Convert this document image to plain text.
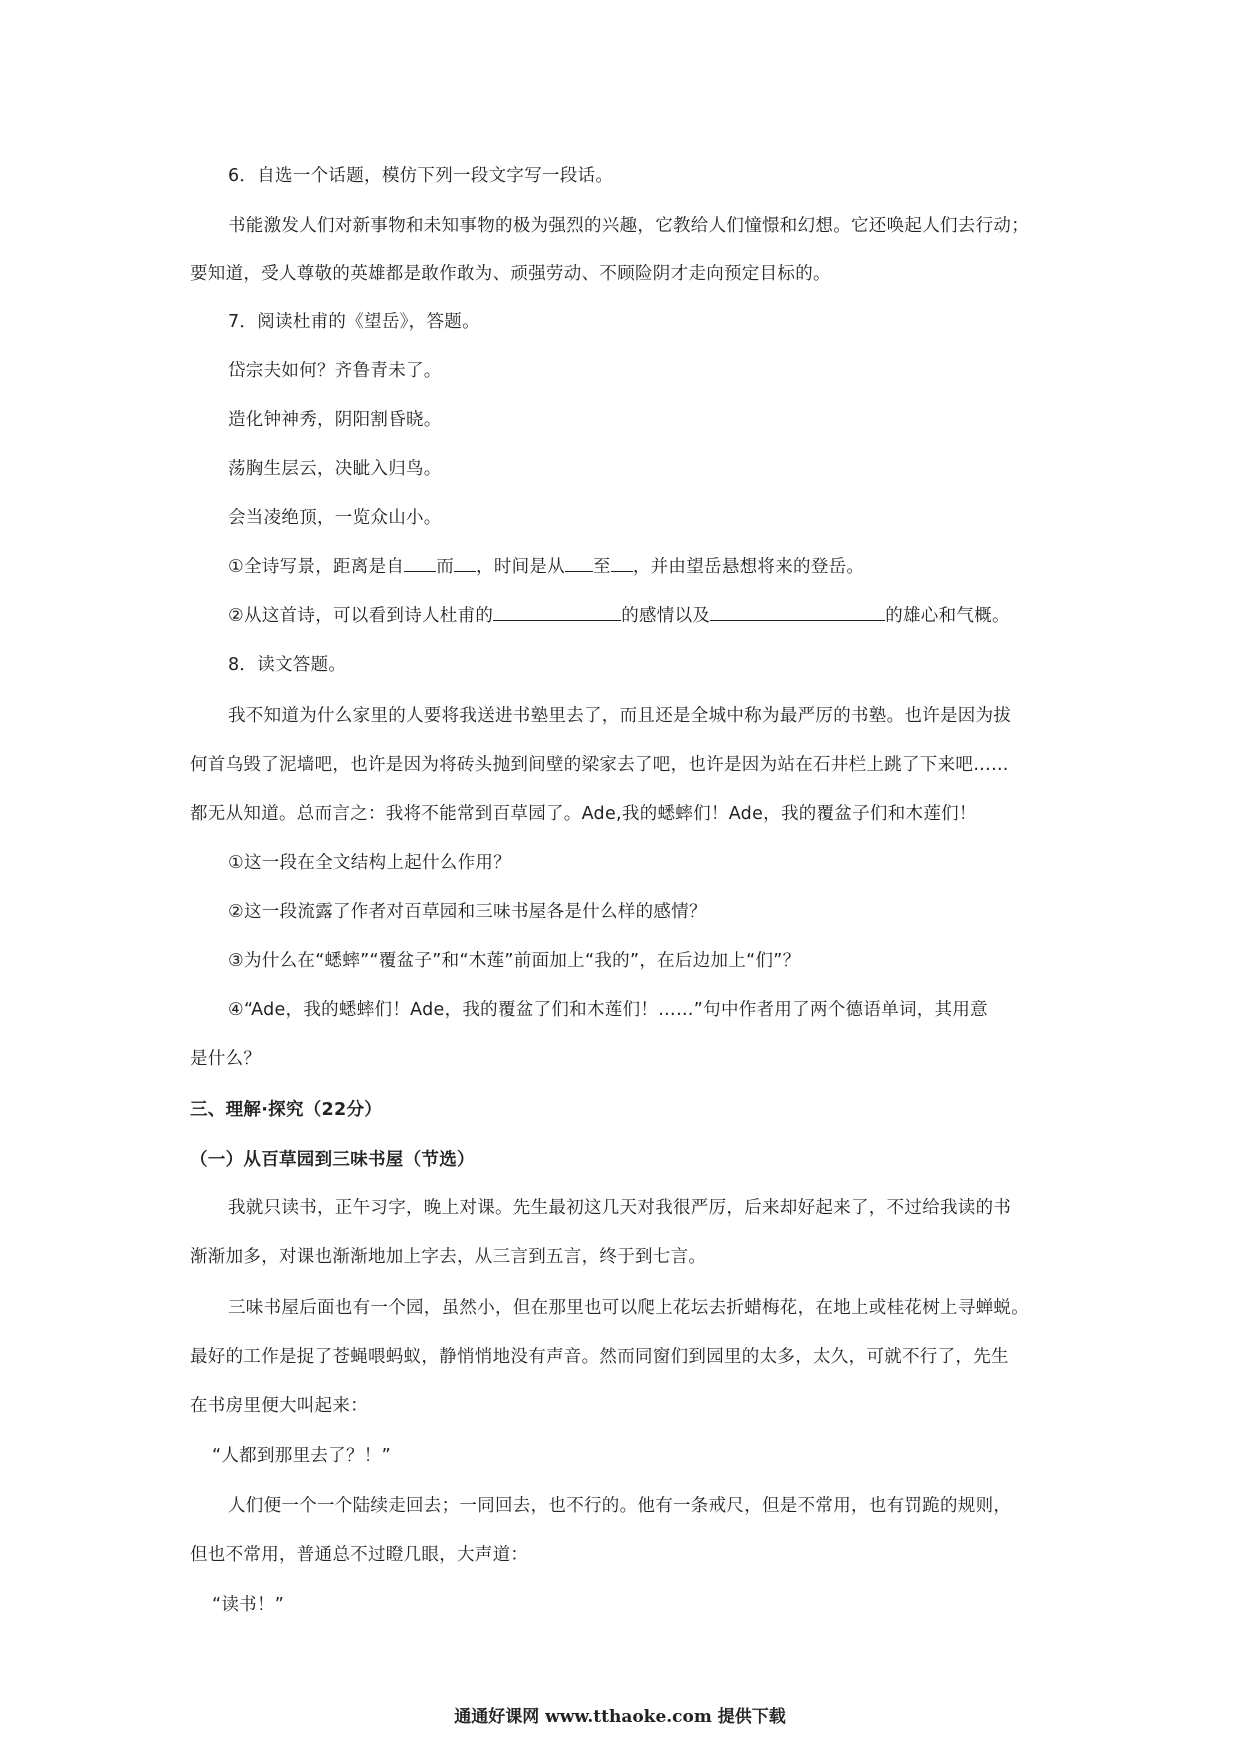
6．自选一个话题，模仿下列一段文字写一段话。
书能激发人们对新事物和未知事物的极为强烈的兴趣，它教给人们憧憬和幻想。它还唤起人们去行动；
要知道，受人尊敬的英雄都是敢作敢为、顽强劳动、不顾险阴才走向预定目标的。
7．阅读杜甫的《望岳》，答题。
岱宗夫如何？齐鲁青未了。
造化钟神秀，阴阳割昏晓。
荡胸生层云，决眦入归鸟。
会当凌绝顶，一览众山小。
①全诗写景，距离是自 而 ，时间是从 至 ，并由望岳悬想将来的登岳。
②从这首诗，可以看到诗人杜甫的	的感情以及	的雄心和气概。
8．读文答题。
我不知道为什么家里的人要将我送进书塾里去了，而且还是全城中称为最严厉的书塾。也许是因为拔
何首乌毁了泥墙吧，也许是因为将砖头抛到间壁的梁家去了吧，也许是因为站在石井栏上跳了下来吧……
都无从知道。总而言之：我将不能常到百草园了。Ade,我的蟋蟀们！Ade，我的覆盆子们和木莲们！
①这一段在全文结构上起什么作用？
②这一段流露了作者对百草园和三味书屋各是什么样的感情？
③为什么在“蟋蟀”“覆盆子”和“木莲”前面加上“我的”，在后边加上“们”？
④“Ade，我的蟋蟀们！Ade，我的覆盆了们和木莲们！……”句中作者用了两个德语单词，其用意
是什么？
三、理解·探究（22分）
（一）从百草园到三味书屋（节选）
我就只读书，正午习字，晚上对课。先生最初这几天对我很严厉，后来却好起来了，不过给我读的书
渐渐加多，对课也渐渐地加上字去，从三言到五言，终于到七言。
三味书屋后面也有一个园，虽然小，但在那里也可以爬上花坛去折蜡梅花，在地上或桂花树上寻蝉蜕。
最好的工作是捉了苍蝇喂蚂蚁，静悄悄地没有声音。然而同窗们到园里的太多，太久，可就不行了，先生
在书房里便大叫起来：
“人都到那里去了？！”
人们便一个一个陆续走回去；一同回去，也不行的。他有一条戒尺，但是不常用，也有罚跪的规则，
但也不常用，普通总不过瞪几眼，大声道：
“读书！”
通通好课网 www.tthaoke.com 提供下载
